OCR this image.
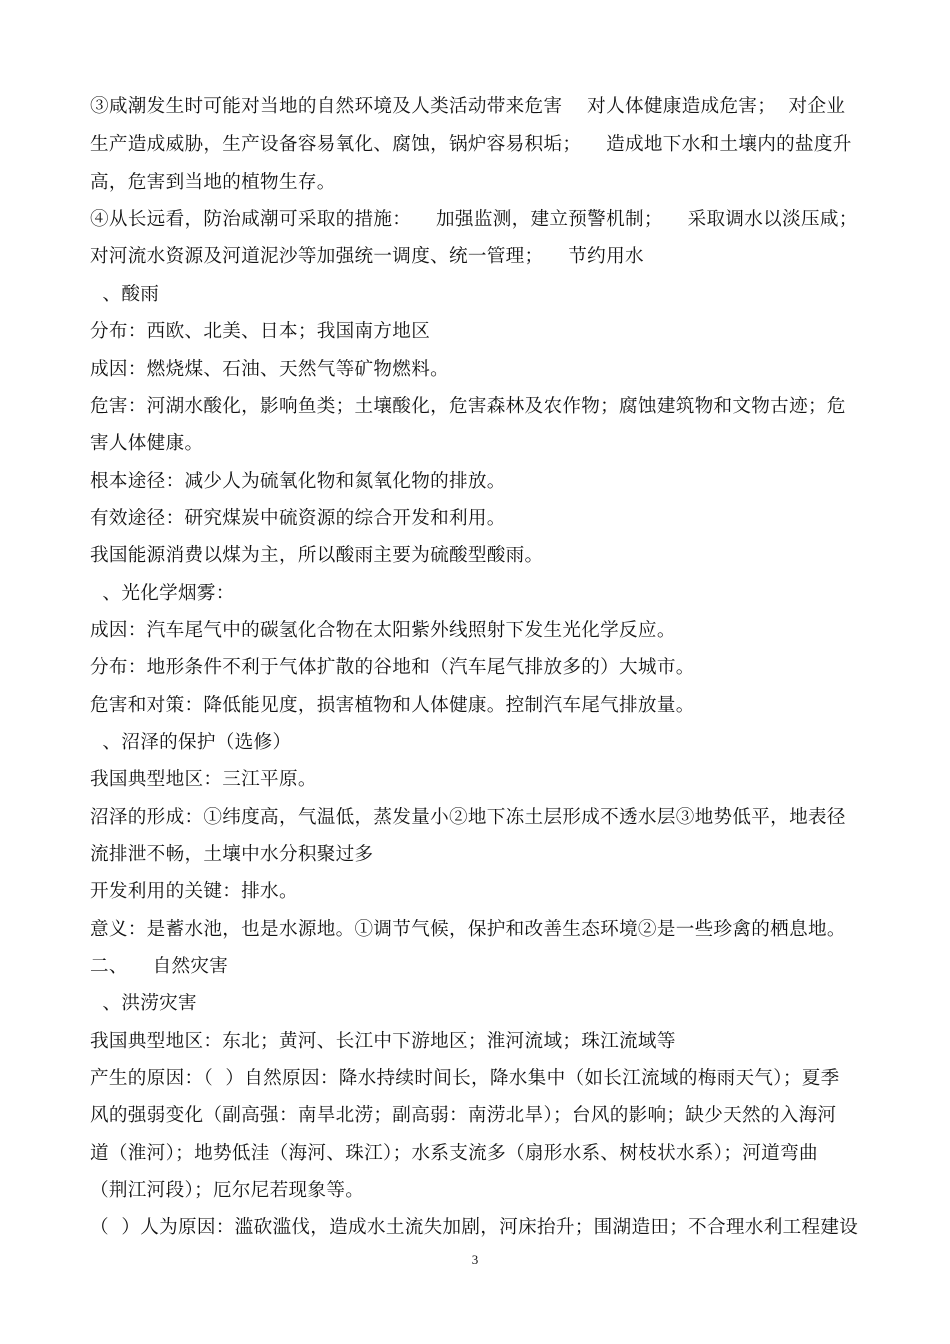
③咸潮发生时可能对当地的自然环境及人类活动带来危害    对人体健康造成危害；  对企业
生产造成威胁，生产设备容易氧化、腐蚀，锅炉容易积垢；    造成地下水和土壤内的盐度升
高，危害到当地的植物生存。
④从长远看，防治咸潮可采取的措施：    加强监测，建立预警机制；    采取调水以淡压咸；
对河流水资源及河道泥沙等加强统一调度、统一管理；    节约用水
、酸雨
分布：西欧、北美、日本；我国南方地区
成因：燃烧煤、石油、天然气等矿物燃料。
危害：河湖水酸化，影响鱼类；土壤酸化，危害森林及农作物；腐蚀建筑物和文物古迹；危
害人体健康。
根本途径：减少人为硫氧化物和氮氧化物的排放。
有效途径：研究煤炭中硫资源的综合开发和利用。
我国能源消费以煤为主，所以酸雨主要为硫酸型酸雨。
、光化学烟雾：
成因：汽车尾气中的碳氢化合物在太阳紫外线照射下发生光化学反应。
分布：地形条件不利于气体扩散的谷地和（汽车尾气排放多的）大城市。
危害和对策：降低能见度，损害植物和人体健康。控制汽车尾气排放量。
、沼泽的保护（选修）
我国典型地区：三江平原。
沼泽的形成：①纬度高，气温低，蒸发量小②地下冻土层形成不透水层③地势低平，地表径
流排泄不畅，土壤中水分积聚过多
开发利用的关键：排水。
意义：是蓄水池，也是水源地。①调节气候，保护和改善生态环境②是一些珍禽的栖息地。
二、    自然灾害
、洪涝灾害
我国典型地区：东北；黄河、长江中下游地区；淮河流域；珠江流域等
产生的原因：（  ）自然原因：降水持续时间长，降水集中（如长江流域的梅雨天气）；夏季
风的强弱变化（副高强：南旱北涝；副高弱：南涝北旱）；台风的影响；缺少天然的入海河
道（淮河）；地势低洼（海河、珠江）；水系支流多（扇形水系、树枝状水系）；河道弯曲
（荆江河段）；厄尔尼若现象等。
（  ）人为原因：滥砍滥伐，造成水土流失加剧，河床抬升；围湖造田；不合理水利工程建设
3
